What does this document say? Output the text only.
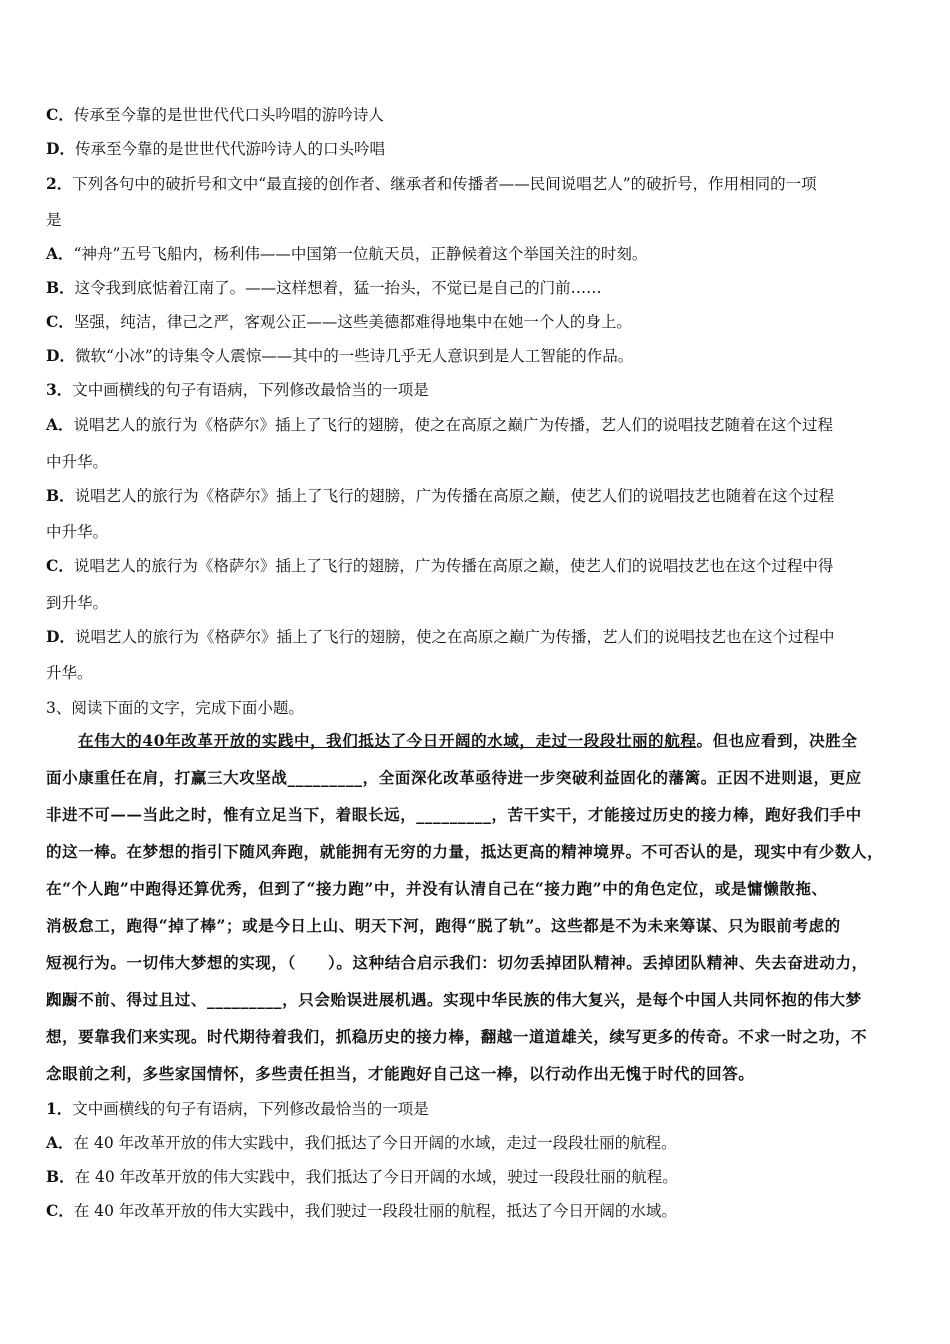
C．传承至今靠的是世世代代口头吟唱的游吟诗人
D．传承至今靠的是世世代代游吟诗人的口头吟唱
2．下列各句中的破折号和文中“最直接的创作者、继承者和传播者——民间说唱艺人”的破折号，作用相同的一项
是
A．“神舟”五号飞船内，杨利伟——中国第一位航天员，正静候着这个举国关注的时刻。
B．这令我到底惦着江南了。——这样想着，猛一抬头，不觉已是自己的门前……
C．坚强，纯洁，律己之严，客观公正——这些美德都难得地集中在她一个人的身上。
D．微软“小冰”的诗集令人震惊——其中的一些诗几乎无人意识到是人工智能的作品。
3．文中画横线的句子有语病，下列修改最恰当的一项是
A．说唱艺人的旅行为《格萨尔》插上了飞行的翅膀，使之在高原之巅广为传播，艺人们的说唱技艺随着在这个过程
中升华。
B．说唱艺人的旅行为《格萨尔》插上了飞行的翅膀，广为传播在高原之巅，使艺人们的说唱技艺也随着在这个过程
中升华。
C．说唱艺人的旅行为《格萨尔》插上了飞行的翅膀，广为传播在高原之巅，使艺人们的说唱技艺也在这个过程中得
到升华。
D．说唱艺人的旅行为《格萨尔》插上了飞行的翅膀，使之在高原之巅广为传播，艺人们的说唱技艺也在这个过程中
升华。
3、阅读下面的文字，完成下面小题。
在伟大的40年改革开放的实践中，我们抵达了今日开阔的水域，走过一段段壮丽的航程。但也应看到，决胜全
面小康重任在肩，打赢三大攻坚战_________，全面深化改革亟待进一步突破利益固化的藩篱。正因不进则退，更应
非进不可——当此之时，惟有立足当下，着眼长远，_________，苦干实干，才能接过历史的接力棒，跑好我们手中
的这一棒。在梦想的指引下随风奔跑，就能拥有无穷的力量，抵达更高的精神境界。不可否认的是，现实中有少数人，
在“个人跑”中跑得还算优秀，但到了“接力跑”中，并没有认清自己在“接力跑”中的角色定位，或是慵懒散拖、
消极怠工，跑得“掉了棒”；或是今日上山、明天下河，跑得“脱了轨”。这些都是不为未来筹谋、只为眼前考虑的
短视行为。一切伟大梦想的实现，（　　）。这种结合启示我们：切勿丢掉团队精神。丢掉团队精神、失去奋进动力，
踟蹰不前、得过且过、_________，只会贻误进展机遇。实现中华民族的伟大复兴，是每个中国人共同怀抱的伟大梦
想，要靠我们来实现。时代期待着我们，抓稳历史的接力棒，翻越一道道雄关，续写更多的传奇。不求一时之功，不
念眼前之利，多些家国情怀，多些责任担当，才能跑好自己这一棒，以行动作出无愧于时代的回答。
1．文中画横线的句子有语病，下列修改最恰当的一项是
A．在 40 年改革开放的伟大实践中，我们抵达了今日开阔的水域，走过一段段壮丽的航程。
B．在 40 年改革开放的伟大实践中，我们抵达了今日开阔的水域，驶过一段段壮丽的航程。
C．在 40 年改革开放的伟大实践中，我们驶过一段段壮丽的航程，抵达了今日开阔的水域。
